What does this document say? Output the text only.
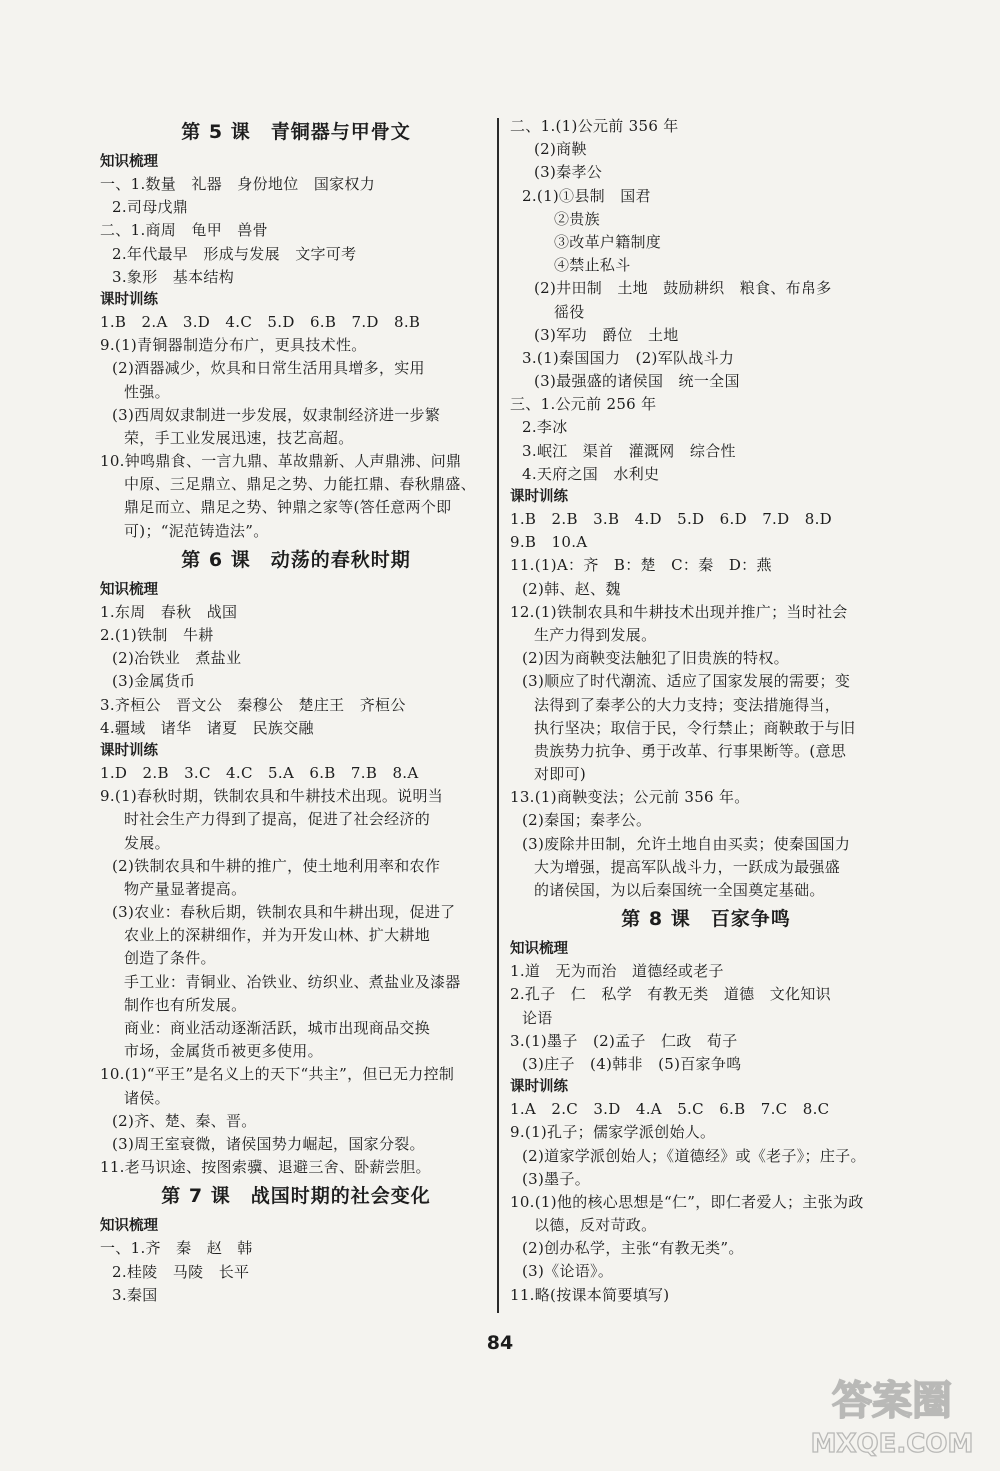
第 5 课　青铜器与甲骨文
知识梳理
一、1.数量　礼器　身份地位　国家权力
2.司母戊鼎
二、1.商周　龟甲　兽骨
2.年代最早　形成与发展　文字可考
3.象形　基本结构
课时训练
1.B　2.A　3.D　4.C　5.D　6.B　7.D　8.B
9.(1)青铜器制造分布广，更具技术性。
(2)酒器减少，炊具和日常生活用具增多，实用
性强。
(3)西周奴隶制进一步发展，奴隶制经济进一步繁
荣，手工业发展迅速，技艺高超。
10.钟鸣鼎食、一言九鼎、革故鼎新、人声鼎沸、问鼎
中原、三足鼎立、鼎足之势、力能扛鼎、春秋鼎盛、
鼎足而立、鼎足之势、钟鼎之家等(答任意两个即
可)；“泥范铸造法”。
第 6 课　动荡的春秋时期
知识梳理
1.东周　春秋　战国
2.(1)铁制　牛耕
(2)冶铁业　煮盐业
(3)金属货币
3.齐桓公　晋文公　秦穆公　楚庄王　齐桓公
4.疆域　诸华　诸夏　民族交融
课时训练
1.D　2.B　3.C　4.C　5.A　6.B　7.B　8.A
9.(1)春秋时期，铁制农具和牛耕技术出现。说明当
时社会生产力得到了提高，促进了社会经济的
发展。
(2)铁制农具和牛耕的推广，使土地利用率和农作
物产量显著提高。
(3)农业：春秋后期，铁制农具和牛耕出现，促进了
农业上的深耕细作，并为开发山林、扩大耕地
创造了条件。
手工业：青铜业、冶铁业、纺织业、煮盐业及漆器
制作也有所发展。
商业：商业活动逐渐活跃，城市出现商品交换
市场，金属货币被更多使用。
10.(1)“平王”是名义上的天下“共主”，但已无力控制
诸侯。
(2)齐、楚、秦、晋。
(3)周王室衰微，诸侯国势力崛起，国家分裂。
11.老马识途、按图索骥、退避三舍、卧薪尝胆。
第 7 课　战国时期的社会变化
知识梳理
一、1.齐　秦　赵　韩
2.桂陵　马陵　长平
3.秦国
二、1.(1)公元前 356 年
(2)商鞅
(3)秦孝公
2.(1)①县制　国君
②贵族
③改革户籍制度
④禁止私斗
(2)井田制　土地　鼓励耕织　粮食、布帛多
徭役
(3)军功　爵位　土地
3.(1)秦国国力　(2)军队战斗力
(3)最强盛的诸侯国　统一全国
三、1.公元前 256 年
2.李冰
3.岷江　渠首　灌溉网　综合性
4.天府之国　水利史
课时训练
1.B　2.B　3.B　4.D　5.D　6.D　7.D　8.D
9.B　10.A
11.(1)A：齐　B：楚　C：秦　D：燕
(2)韩、赵、魏
12.(1)铁制农具和牛耕技术出现并推广；当时社会
生产力得到发展。
(2)因为商鞅变法触犯了旧贵族的特权。
(3)顺应了时代潮流、适应了国家发展的需要；变
法得到了秦孝公的大力支持；变法措施得当，
执行坚决；取信于民，令行禁止；商鞅敢于与旧
贵族势力抗争、勇于改革、行事果断等。(意思
对即可)
13.(1)商鞅变法；公元前 356 年。
(2)秦国；秦孝公。
(3)废除井田制，允许土地自由买卖；使秦国国力
大为增强，提高军队战斗力，一跃成为最强盛
的诸侯国，为以后秦国统一全国奠定基础。
第 8 课　百家争鸣
知识梳理
1.道　无为而治　道德经或老子
2.孔子　仁　私学　有教无类　道德　文化知识
论语
3.(1)墨子　(2)孟子　仁政　荀子
(3)庄子　(4)韩非　(5)百家争鸣
课时训练
1.A　2.C　3.D　4.A　5.C　6.B　7.C　8.C
9.(1)孔子；儒家学派创始人。
(2)道家学派创始人；《道德经》或《老子》；庄子。
(3)墨子。
10.(1)他的核心思想是“仁”，即仁者爱人；主张为政
以德，反对苛政。
(2)创办私学，主张“有教无类”。
(3)《论语》。
11.略(按课本简要填写)
84
答案圈
MXQE.COM
